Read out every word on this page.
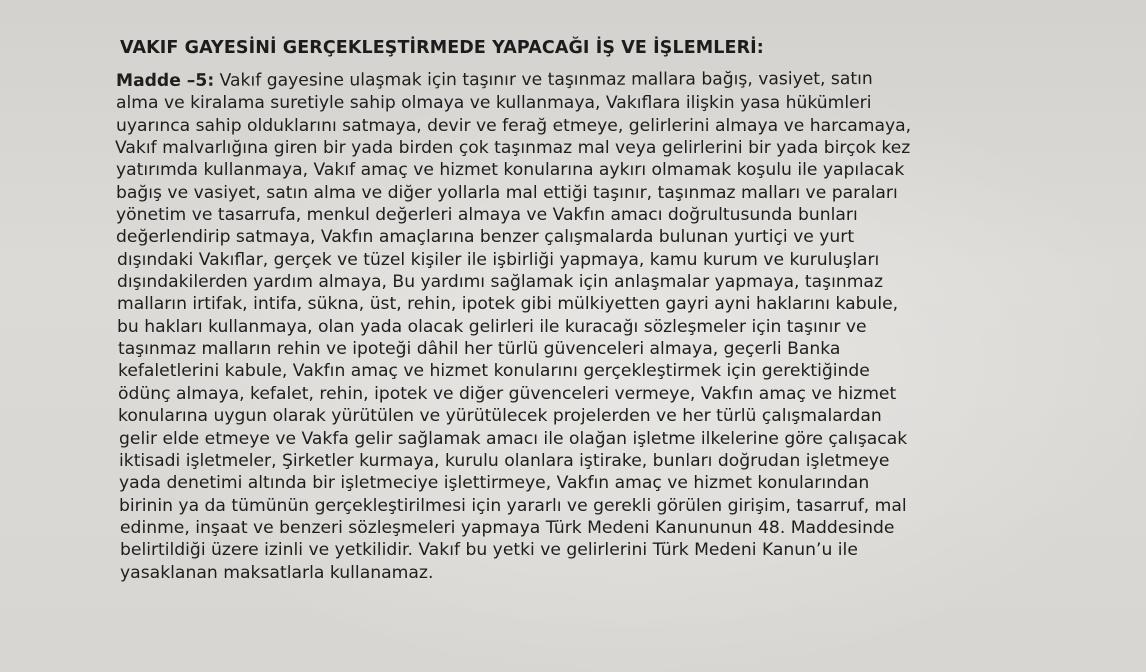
VAKIF GAYESİNİ GERÇEKLEŞTİRMEDE YAPACAĞI İŞ VE İŞLEMLERİ:
Madde –5: Vakıf gayesine ulaşmak için taşınır ve taşınmaz mallara bağış, vasiyet, satın
alma ve kiralama suretiyle sahip olmaya ve kullanmaya, Vakıflara ilişkin yasa hükümleri
uyarınca sahip olduklarını satmaya, devir ve ferağ etmeye, gelirlerini almaya ve harcamaya,
Vakıf malvarlığına giren bir yada birden çok taşınmaz mal veya gelirlerini bir yada birçok kez
yatırımda kullanmaya, Vakıf amaç ve hizmet konularına aykırı olmamak koşulu ile yapılacak
bağış ve vasiyet, satın alma ve diğer yollarla mal ettiği taşınır, taşınmaz malları ve paraları
yönetim ve tasarrufa, menkul değerleri almaya ve Vakfın amacı doğrultusunda bunları
değerlendirip satmaya, Vakfın amaçlarına benzer çalışmalarda bulunan yurtiçi ve yurt
dışındaki Vakıflar, gerçek ve tüzel kişiler ile işbirliği yapmaya, kamu kurum ve kuruluşları
dışındakilerden yardım almaya, Bu yardımı sağlamak için anlaşmalar yapmaya, taşınmaz
malların irtifak, intifa, sükna, üst, rehin, ipotek gibi mülkiyetten gayri ayni haklarını kabule,
bu hakları kullanmaya, olan yada olacak gelirleri ile kuracağı sözleşmeler için taşınır ve
taşınmaz malların rehin ve ipoteği dâhil her türlü güvenceleri almaya, geçerli Banka
kefaletlerini kabule, Vakfın amaç ve hizmet konularını gerçekleştirmek için gerektiğinde
ödünç almaya, kefalet, rehin, ipotek ve diğer güvenceleri vermeye, Vakfın amaç ve hizmet
konularına uygun olarak yürütülen ve yürütülecek projelerden ve her türlü çalışmalardan
gelir elde etmeye ve Vakfa gelir sağlamak amacı ile olağan işletme ilkelerine göre çalışacak
iktisadi işletmeler, Şirketler kurmaya, kurulu olanlara iştirake, bunları doğrudan işletmeye
yada denetimi altında bir işletmeciye işlettirmeye, Vakfın amaç ve hizmet konularından
birinin ya da tümünün gerçekleştirilmesi için yararlı ve gerekli görülen girişim, tasarruf, mal
edinme, inşaat ve benzeri sözleşmeleri yapmaya Türk Medeni Kanununun 48. Maddesinde
belirtildiği üzere izinli ve yetkilidir. Vakıf bu yetki ve gelirlerini Türk Medeni Kanun’u ile
yasaklanan maksatlarla kullanamaz.
